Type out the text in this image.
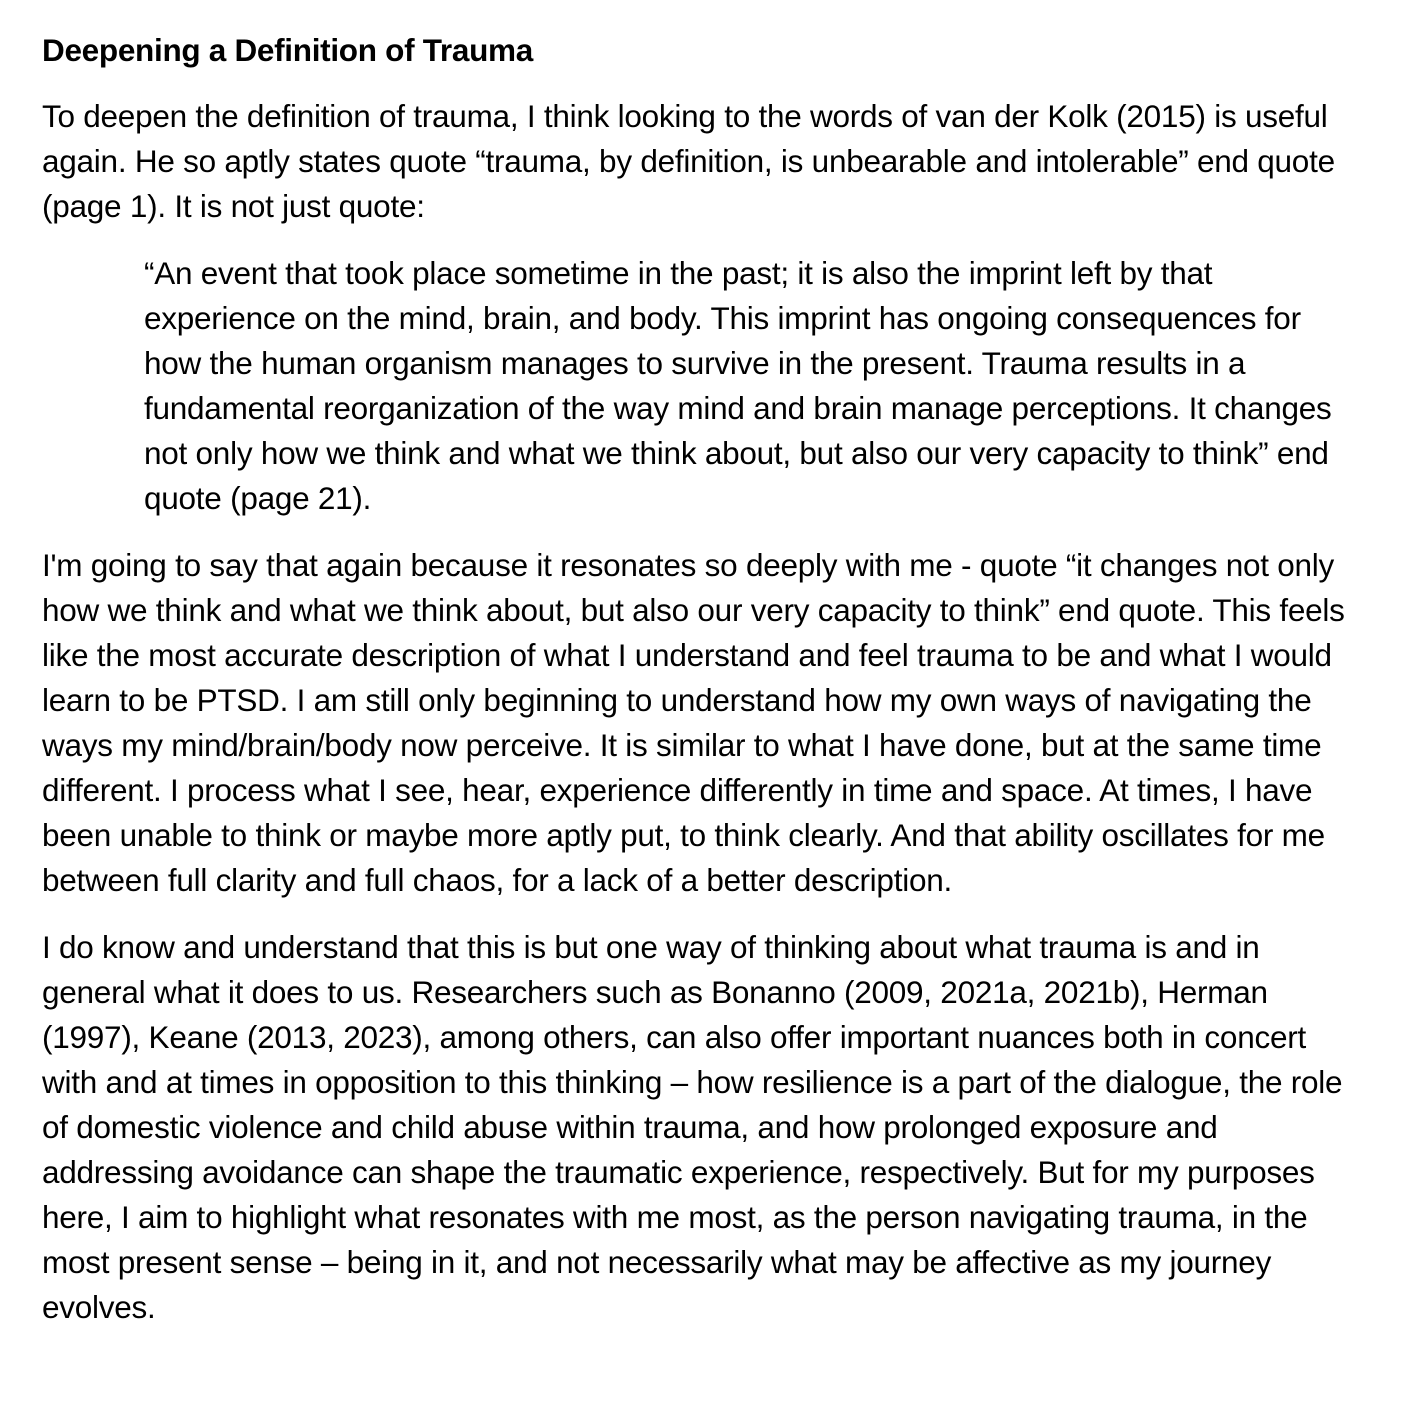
Deepening a Definition of Trauma

To deepen the definition of trauma, I think looking to the words of van der Kolk (2015) is useful again. He so aptly states quote “trauma, by definition, is unbearable and intolerable” end quote (page 1). It is not just quote:

“An event that took place sometime in the past; it is also the imprint left by that experience on the mind, brain, and body. This imprint has ongoing consequences for how the human organism manages to survive in the present. Trauma results in a fundamental reorganization of the way mind and brain manage perceptions. It changes not only how we think and what we think about, but also our very capacity to think” end quote (page 21).

I'm going to say that again because it resonates so deeply with me - quote “it changes not only how we think and what we think about, but also our very capacity to think” end quote. This feels like the most accurate description of what I understand and feel trauma to be and what I would learn to be PTSD. I am still only beginning to understand how my own ways of navigating the ways my mind/brain/body now perceive. It is similar to what I have done, but at the same time different. I process what I see, hear, experience differently in time and space. At times, I have been unable to think or maybe more aptly put, to think clearly. And that ability oscillates for me between full clarity and full chaos, for a lack of a better description.

I do know and understand that this is but one way of thinking about what trauma is and in general what it does to us. Researchers such as Bonanno (2009, 2021a, 2021b), Herman (1997), Keane (2013, 2023), among others, can also offer important nuances both in concert with and at times in opposition to this thinking – how resilience is a part of the dialogue, the role of domestic violence and child abuse within trauma, and how prolonged exposure and addressing avoidance can shape the traumatic experience, respectively. But for my purposes here, I aim to highlight what resonates with me most, as the person navigating trauma, in the most present sense – being in it, and not necessarily what may be affective as my journey evolves.
